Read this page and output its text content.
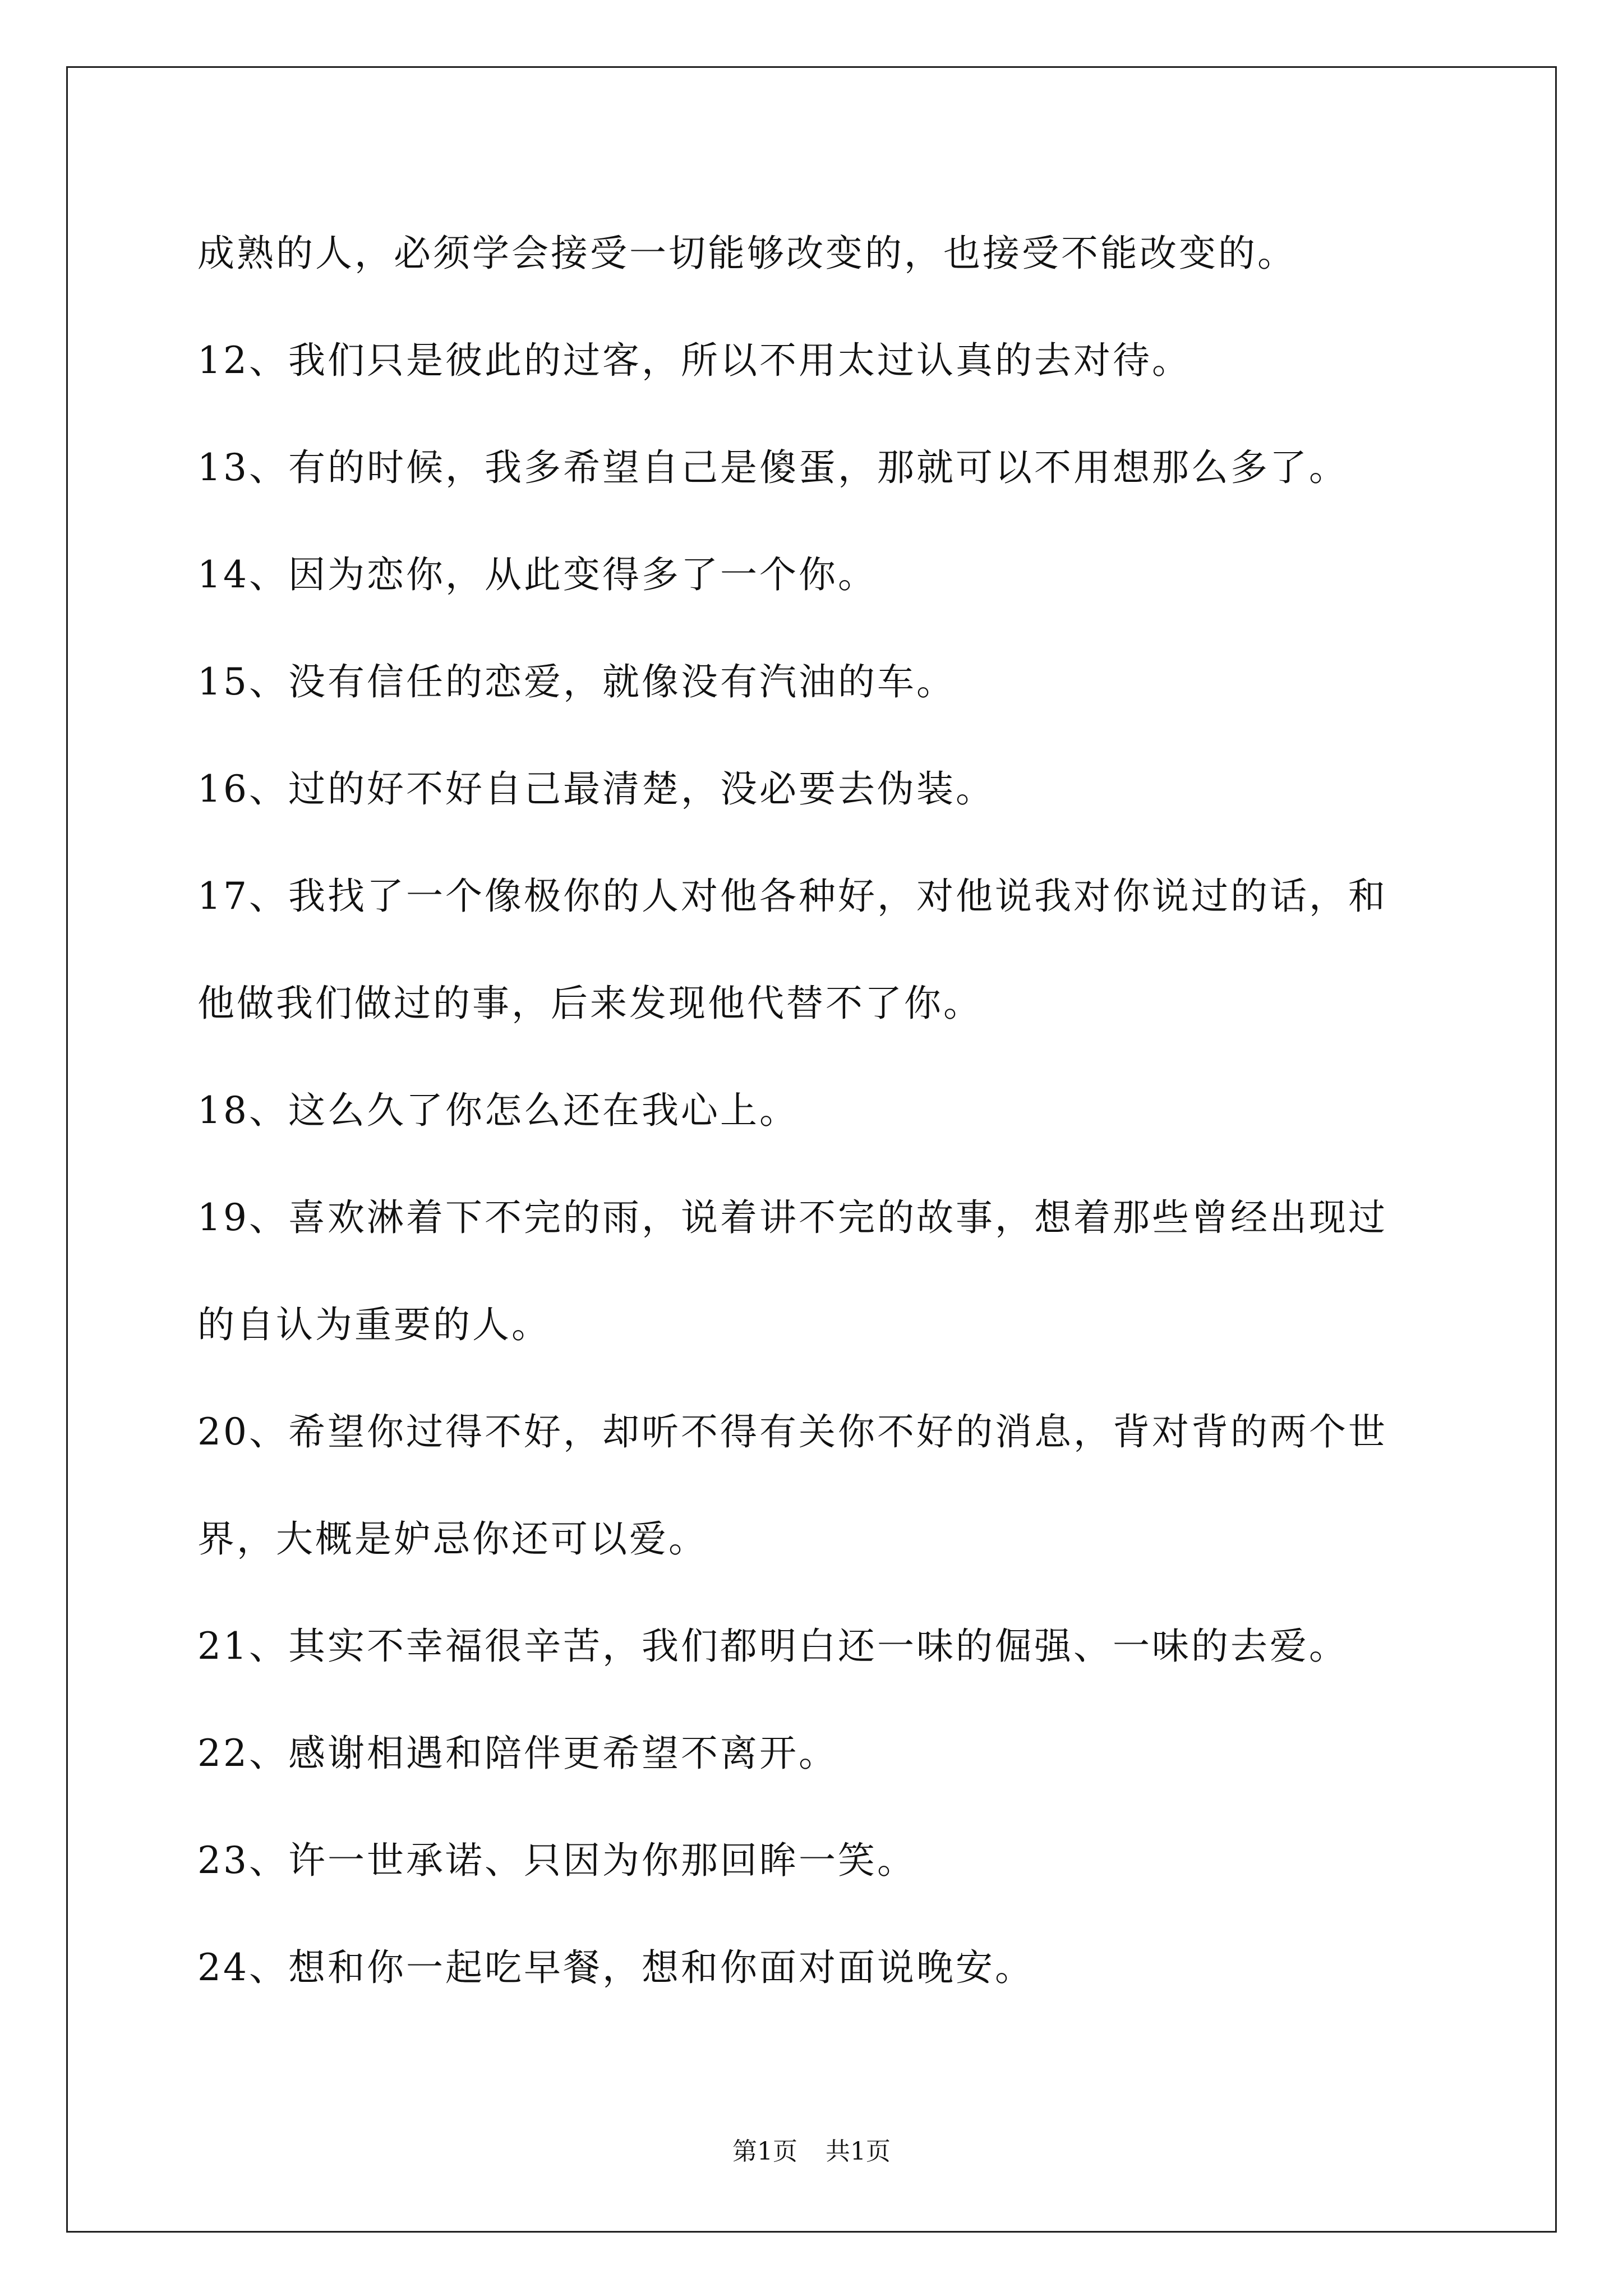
成熟的人，必须学会接受一切能够改变的，也接受不能改变的。
12、我们只是彼此的过客，所以不用太过认真的去对待。
13、有的时候，我多希望自己是傻蛋，那就可以不用想那么多了。
14、因为恋你，从此变得多了一个你。
15、没有信任的恋爱，就像没有汽油的车。
16、过的好不好自己最清楚，没必要去伪装。
17、我找了一个像极你的人对他各种好，对他说我对你说过的话，和
他做我们做过的事，后来发现他代替不了你。
18、这么久了你怎么还在我心上。
19、喜欢淋着下不完的雨，说着讲不完的故事，想着那些曾经出现过
的自认为重要的人。
20、希望你过得不好，却听不得有关你不好的消息，背对背的两个世
界，大概是妒忌你还可以爱。
21、其实不幸福很辛苦，我们都明白还一味的倔强、一味的去爱。
22、感谢相遇和陪伴更希望不离开。
23、许一世承诺、只因为你那回眸一笑。
24、想和你一起吃早餐，想和你面对面说晚安。
第1页 共1页
